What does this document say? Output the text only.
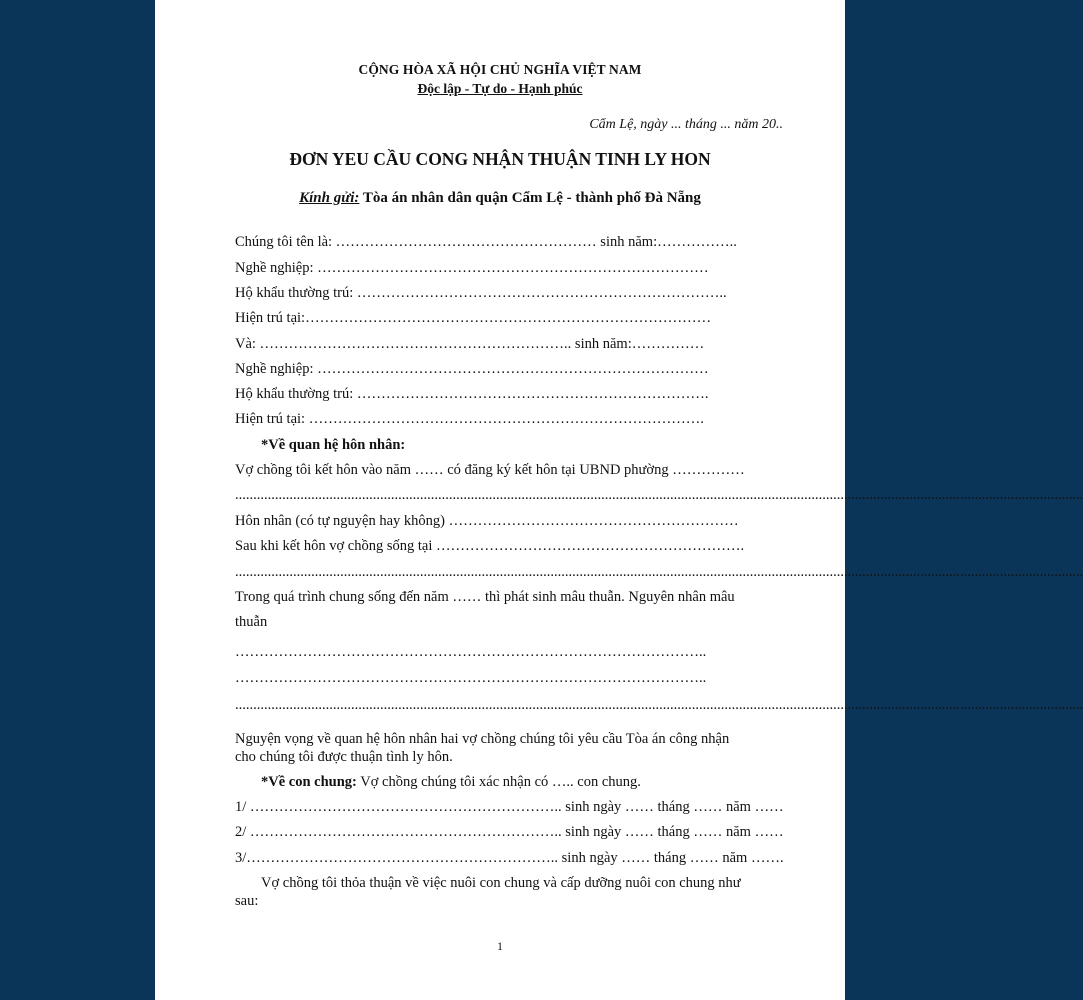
CỘNG HÒA XÃ HỘI CHỦ NGHĨA VIỆT NAM
Độc lập - Tự do - Hạnh phúc
Cẩm Lệ, ngày ... tháng ... năm 20..
ĐƠN YEU CẦU CONG NHẬN THUẬN TINH LY HON
Kính gửi: Tòa án nhân dân quận Cẩm Lệ - thành phố Đà Nẵng
Chúng tôi tên là: ……………………………………………… sinh năm:……………..
Nghề nghiệp: ………………………………………………………………………
Hộ khẩu thường trú: …………………………………………………………………..
Hiện trú tại:…………………………………………………………………………
Và: ……………………………………………………….. sinh năm:……………
Nghề nghiệp: ………………………………………………………………………
Hộ khẩu thường trú: ……………………………………………………………….
Hiện trú tại: ……………………………………………………………………….
*Về quan hệ hôn nhân:
Vợ chồng tôi kết hôn vào năm …… có đăng ký kết hôn tại UBND phường ……………
..........................................................................................................................................................................................................................................
Hôn nhân (có tự nguyện hay không) ……………………………………………………
Sau khi kết hôn vợ chồng sống tại ……………………………………………………….
..........................................................................................................................................................................................................................................
Trong quá trình chung sống đến năm …… thì phát sinh mâu thuẫn. Nguyên nhân mâu
thuẫn
……………………………………………………………………………………..
……………………………………………………………………………………..
..........................................................................................................................................................................................................................................
Nguyện vọng về quan hệ hôn nhân hai vợ chồng chúng tôi yêu cầu Tòa án công nhận
cho chúng tôi được thuận tình ly hôn.
*Về con chung: Vợ chồng chúng tôi xác nhận có ….. con chung.
1/ ……………………………………………………….. sinh ngày …… tháng …… năm ……
2/ ……………………………………………………….. sinh ngày …… tháng …… năm ……
3/……………………………………………………….. sinh ngày …… tháng …… năm …….
Vợ chồng tôi thỏa thuận về việc nuôi con chung và cấp dưỡng nuôi con chung như
sau:
1
